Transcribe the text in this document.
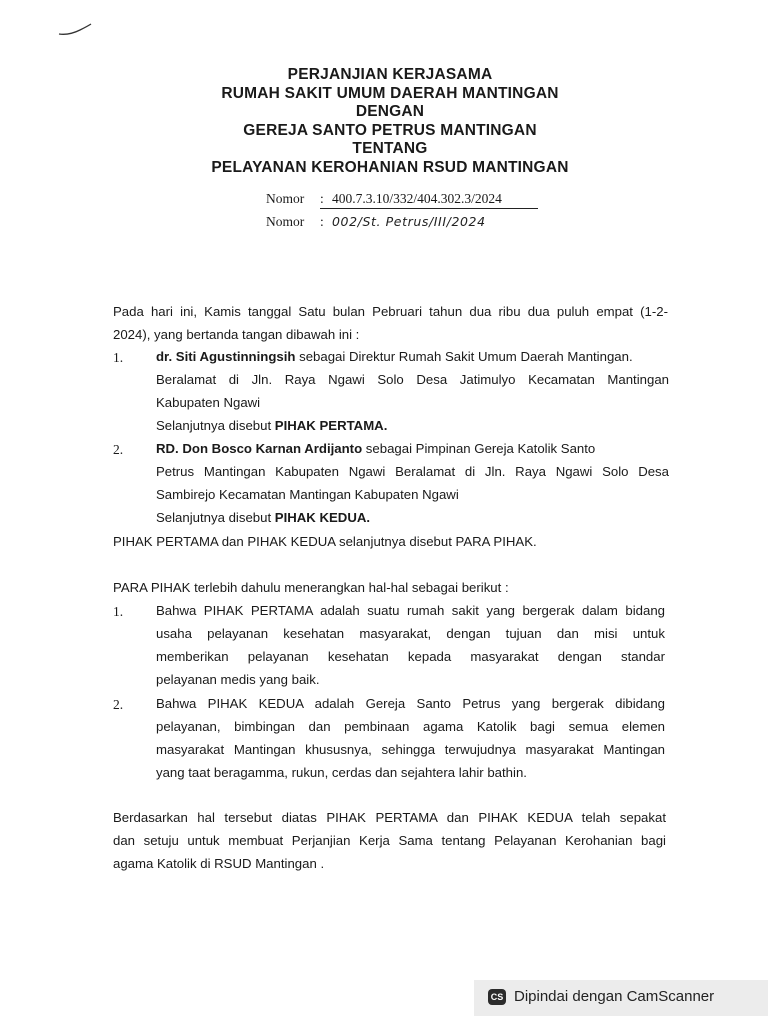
PERJANJIAN KERJASAMA
RUMAH SAKIT UMUM DAERAH MANTINGAN
DENGAN
GEREJA SANTO PETRUS MANTINGAN
TENTANG
PELAYANAN KEROHANIAN RSUD MANTINGAN
Nomor : 400.7.3.10/332/404.302.3/2024
Nomor : 002/St. Petrus/III/2024
Pada hari ini, Kamis tanggal Satu bulan Pebruari tahun dua ribu dua puluh empat (1-2-
2024), yang bertanda tangan dibawah ini :
1. dr. Siti Agustinningsih sebagai Direktur Rumah Sakit Umum Daerah Mantingan.
Beralamat di Jln. Raya Ngawi Solo Desa Jatimulyo Kecamatan Mantingan
Kabupaten Ngawi
Selanjutnya disebut PIHAK PERTAMA.
2. RD. Don Bosco Karnan Ardijanto sebagai Pimpinan Gereja Katolik Santo
Petrus Mantingan Kabupaten Ngawi Beralamat di Jln. Raya Ngawi Solo Desa
Sambirejo Kecamatan Mantingan Kabupaten Ngawi
Selanjutnya disebut PIHAK KEDUA.
PIHAK PERTAMA dan PIHAK KEDUA selanjutnya disebut PARA PIHAK.
PARA PIHAK terlebih dahulu menerangkan hal-hal sebagai berikut :
1. Bahwa PIHAK PERTAMA adalah suatu rumah sakit yang bergerak dalam bidang
usaha pelayanan kesehatan masyarakat, dengan tujuan dan misi untuk
memberikan pelayanan kesehatan kepada masyarakat dengan standar
pelayanan medis yang baik.
2. Bahwa PIHAK KEDUA adalah Gereja Santo Petrus yang bergerak dibidang
pelayanan, bimbingan dan pembinaan agama Katolik bagi semua elemen
masyarakat Mantingan khususnya, sehingga terwujudnya masyarakat Mantingan
yang taat beragamma, rukun, cerdas dan sejahtera lahir bathin.
Berdasarkan hal tersebut diatas PIHAK PERTAMA dan PIHAK KEDUA telah sepakat
dan setuju untuk membuat Perjanjian Kerja Sama tentang Pelayanan Kerohanian bagi
agama Katolik di RSUD Mantingan .
CS Dipindai dengan CamScanner
